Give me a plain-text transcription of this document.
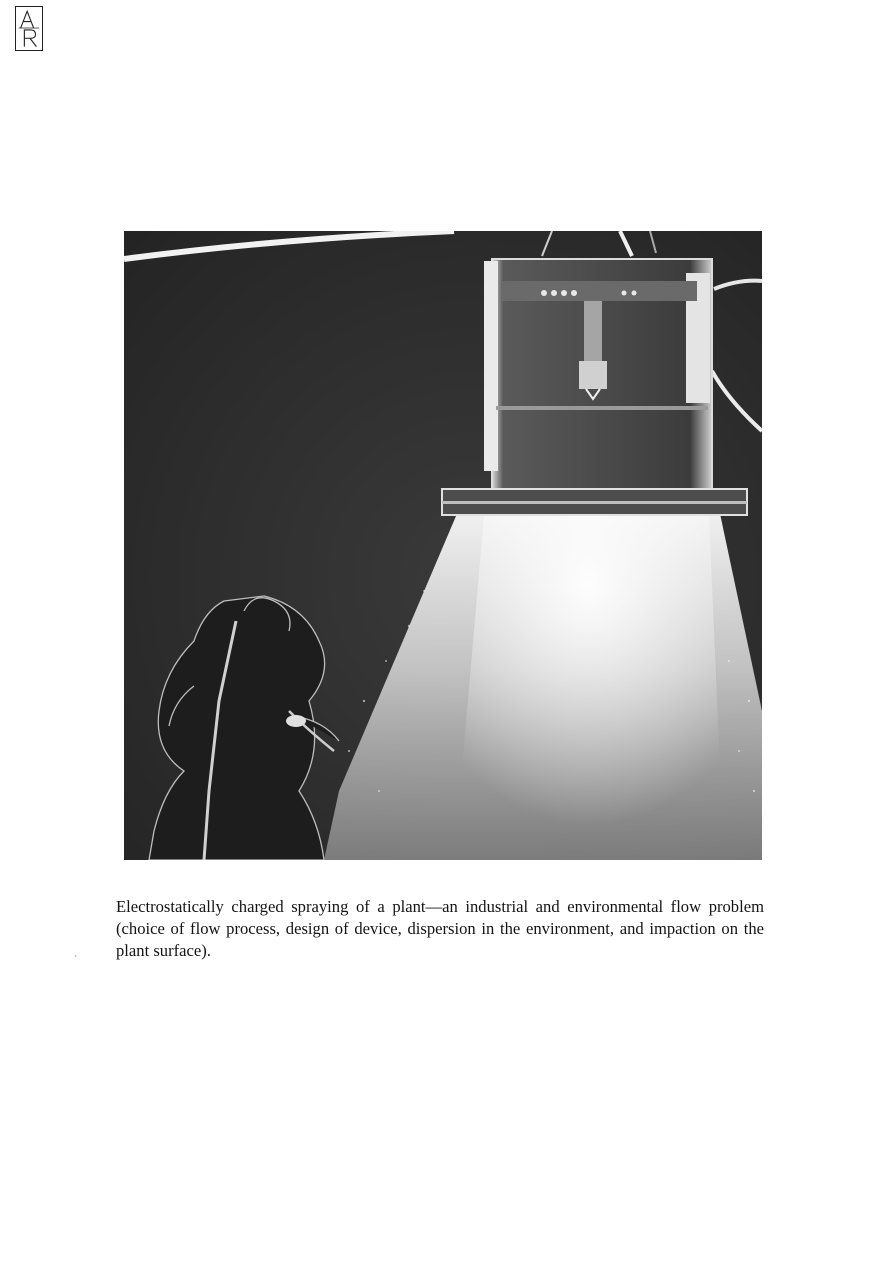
Electrostatically charged spraying of a plant—an industrial and environmental flow problem (choice of flow process, design of device, dispersion in the environment, and impaction on the plant surface).

`
